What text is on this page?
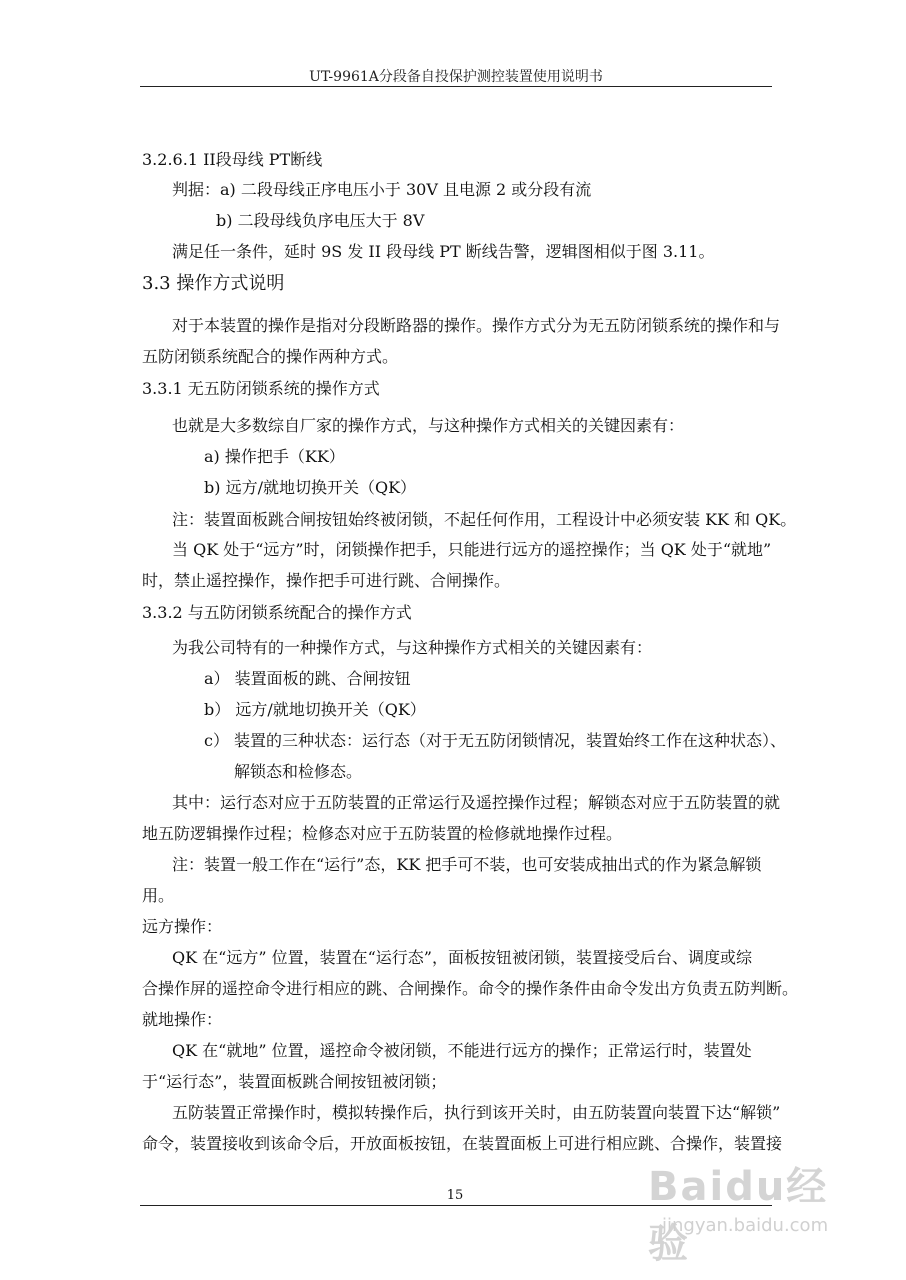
UT-9961A分段备自投保护测控装置使用说明书
3.2.6.1 II段母线 PT断线
判据：a) 二段母线正序电压小于 30V 且电源 2 或分段有流
b) 二段母线负序电压大于 8V
满足任一条件，延时 9S 发 II 段母线 PT 断线告警，逻辑图相似于图 3.11。
3.3 操作方式说明
对于本装置的操作是指对分段断路器的操作。操作方式分为无五防闭锁系统的操作和与
五防闭锁系统配合的操作两种方式。
3.3.1 无五防闭锁系统的操作方式
也就是大多数综自厂家的操作方式，与这种操作方式相关的关键因素有：
a) 操作把手（KK）
b) 远方/就地切换开关（QK）
注：装置面板跳合闸按钮始终被闭锁，不起任何作用，工程设计中必须安装 KK 和 QK。
当 QK 处于“远方”时，闭锁操作把手，只能进行远方的遥控操作；当 QK 处于“就地”
时，禁止遥控操作，操作把手可进行跳、合闸操作。
3.3.2 与五防闭锁系统配合的操作方式
为我公司特有的一种操作方式，与这种操作方式相关的关键因素有：
a） 装置面板的跳、合闸按钮
b） 远方/就地切换开关（QK）
c） 装置的三种状态：运行态（对于无五防闭锁情况，装置始终工作在这种状态）、
解锁态和检修态。
其中：运行态对应于五防装置的正常运行及遥控操作过程；解锁态对应于五防装置的就
地五防逻辑操作过程；检修态对应于五防装置的检修就地操作过程。
注：装置一般工作在“运行”态，KK 把手可不装，也可安装成抽出式的作为紧急解锁
用。
远方操作：
QK 在“远方” 位置，装置在“运行态”，面板按钮被闭锁，装置接受后台、调度或综
合操作屏的遥控命令进行相应的跳、合闸操作。命令的操作条件由命令发出方负责五防判断。
就地操作：
QK 在“就地” 位置，遥控命令被闭锁，不能进行远方的操作；正常运行时，装置处
于“运行态”，装置面板跳合闸按钮被闭锁；
五防装置正常操作时，模拟转操作后，执行到该开关时，由五防装置向装置下达“解锁”
命令，装置接收到该命令后，开放面板按钮，在装置面板上可进行相应跳、合操作，装置接
15	Baidu经验
jingyan.baidu.com
